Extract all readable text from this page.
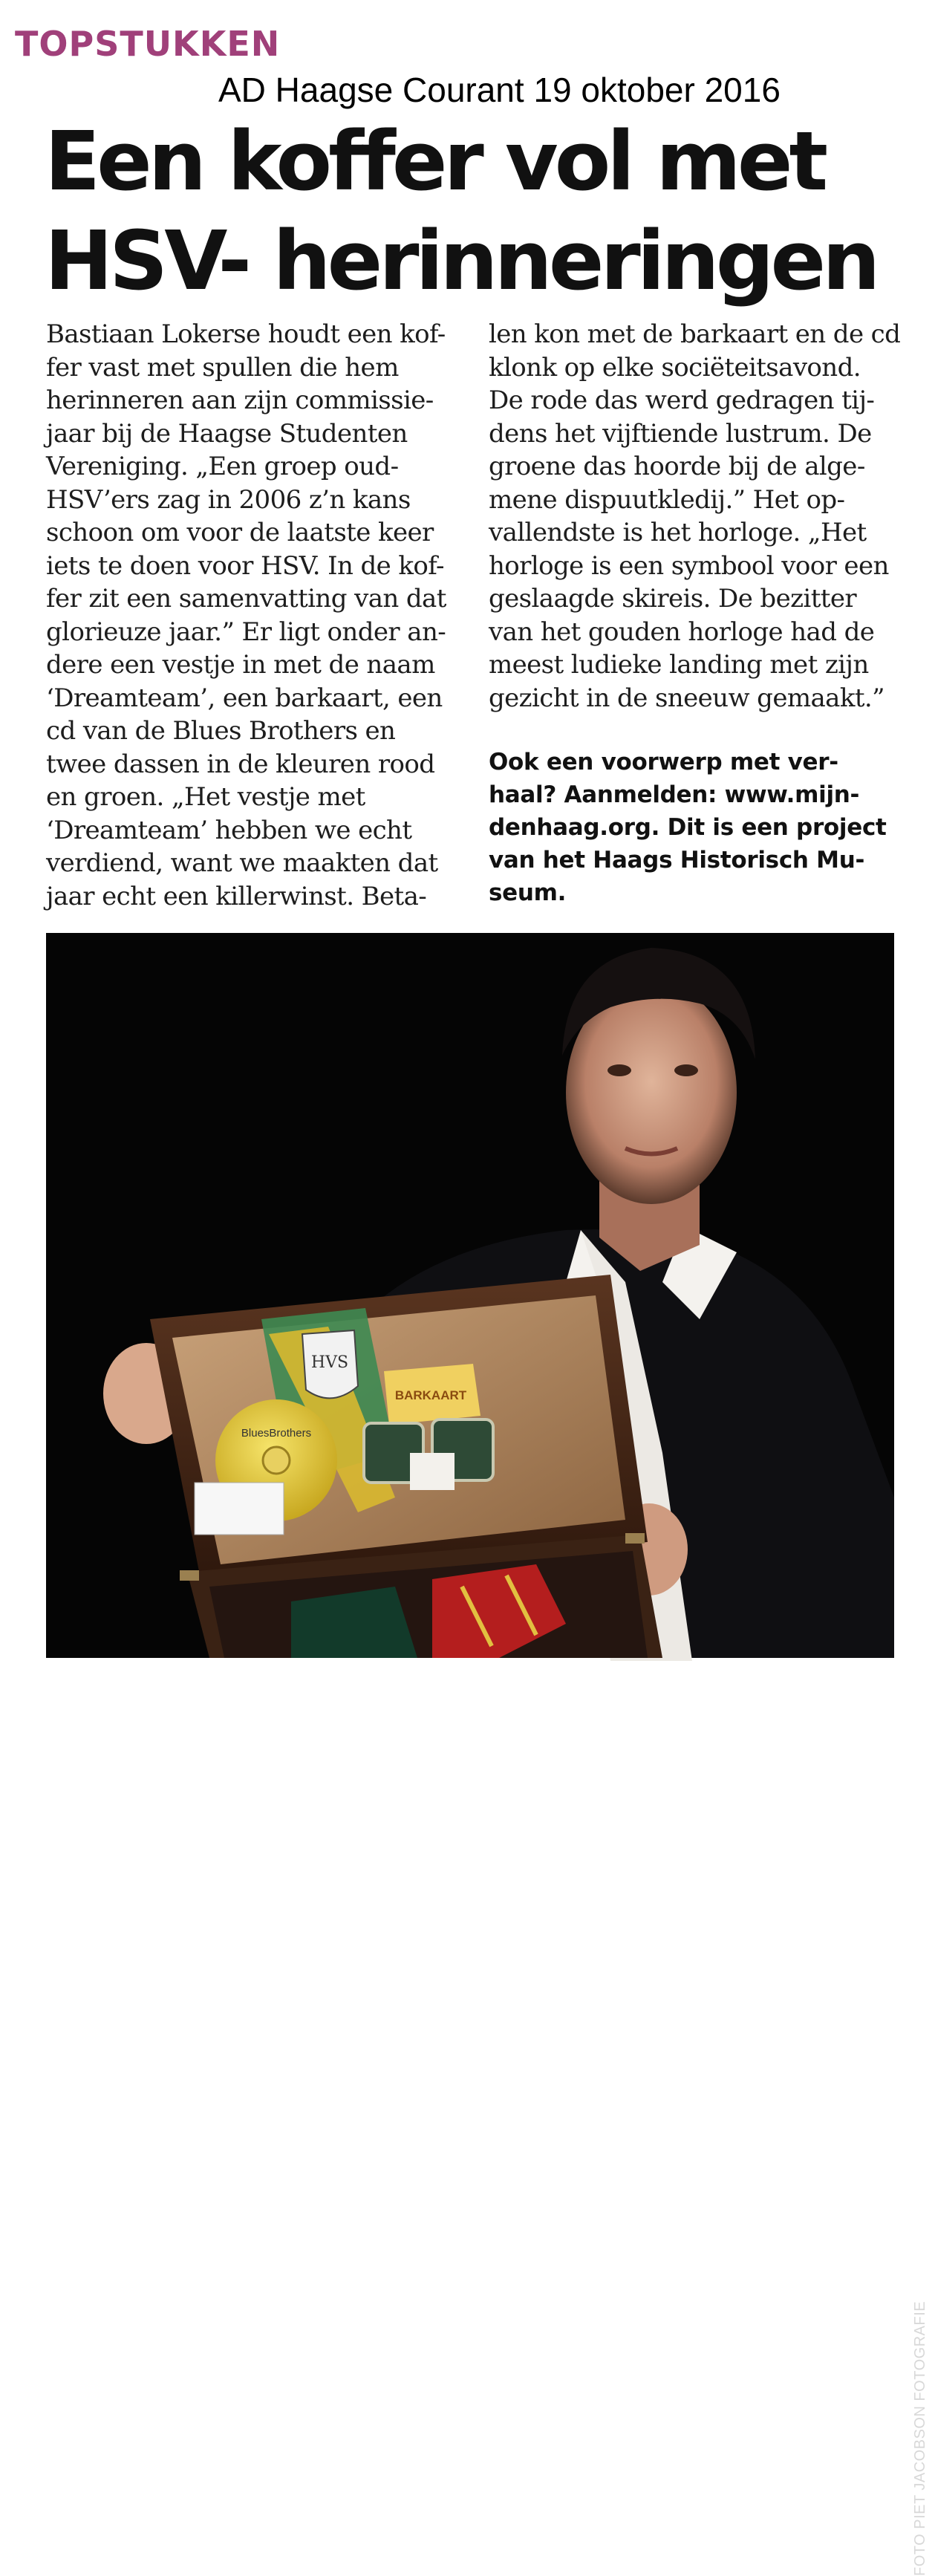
TOPSTUKKEN
AD Haagse Courant 19 oktober 2016
Een koffer vol met
HSV- herinneringen
Bastiaan Lokerse houdt een kof-
fer vast met spullen die hem
herinneren aan zijn commissie-
jaar bij de Haagse Studenten
Vereniging. „Een groep oud-
HSV’ers zag in 2006 z’n kans
schoon om voor de laatste keer
iets te doen voor HSV. In de kof-
fer zit een samenvatting van dat
glorieuze jaar.” Er ligt onder an-
dere een vestje in met de naam
‘Dreamteam’, een barkaart, een
cd van de Blues Brothers en
twee dassen in de kleuren rood
en groen. „Het vestje met
‘Dreamteam’ hebben we echt
verdiend, want we maakten dat
jaar echt een killerwinst. Beta-
len kon met de barkaart en de cd
klonk op elke sociëteitsavond.
De rode das werd gedragen tij-
dens het vijftiende lustrum. De
groene das hoorde bij de alge-
mene dispuutkledij.” Het op-
vallendste is het horloge. „Het
horloge is een symbool voor een
geslaagde skireis. De bezitter
van het gouden horloge had de
meest ludieke landing met zijn
gezicht in de sneeuw gemaakt.”
Ook een voorwerp met ver-
haal? Aanmelden: www.mijn-
denhaag.org. Dit is een project
van het Haags Historisch Mu-
seum.
HVS
BARKAART
BluesBrothers
FOTO PIET JACOBSON FOTOGRAFIE
